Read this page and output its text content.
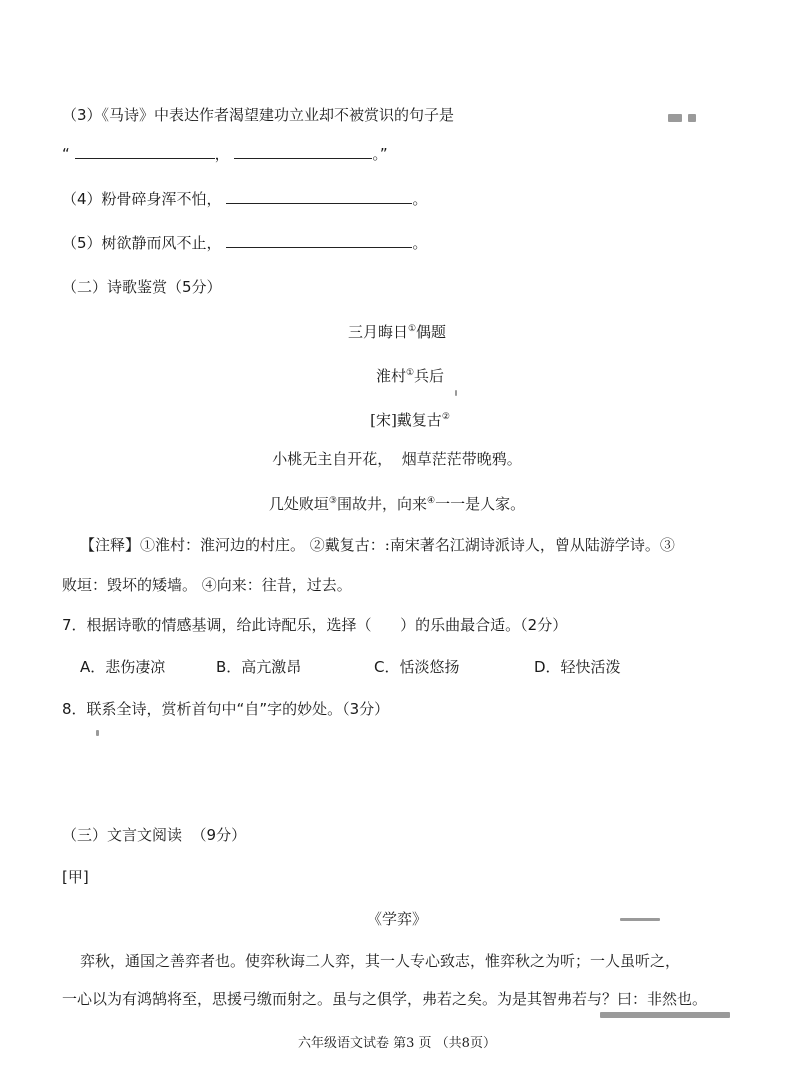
（3）《马诗》中表达作者渴望建功立业却不被赏识的句子是
“	，	。”
（4）粉骨碎身浑不怕，	。
（5）树欲静而风不止，	。
（二）诗歌鉴赏（5分）
三月晦日①偶题
淮村①兵后
[宋]戴复古②
小桃无主自开花，  烟草茫茫带晚鸦。
几处败垣③围故井，向来④一一是人家。
【注释】①淮村：淮河边的村庄。 ②戴复古：:南宋著名江湖诗派诗人，曾从陆游学诗。③
败垣：毁坏的矮墙。 ④向来：往昔，过去。
7．根据诗歌的情感基调，给此诗配乐，选择（      ）的乐曲最合适。（2分）
A．悲伤凄凉	B．高亢激昂	C．恬淡悠扬	D．轻快活泼
8．联系全诗，赏析首句中“自”字的妙处。（3分）
（三）文言文阅读  （9分）
[甲]
《学弈》
弈秋，通国之善弈者也。使弈秋诲二人弈，其一人专心致志，惟弈秋之为听；一人虽听之，
一心以为有鸿鹄将至，思援弓缴而射之。虽与之俱学，弗若之矣。为是其智弗若与？曰：非然也。
六年级语文试卷 第3 页 （共8页）
